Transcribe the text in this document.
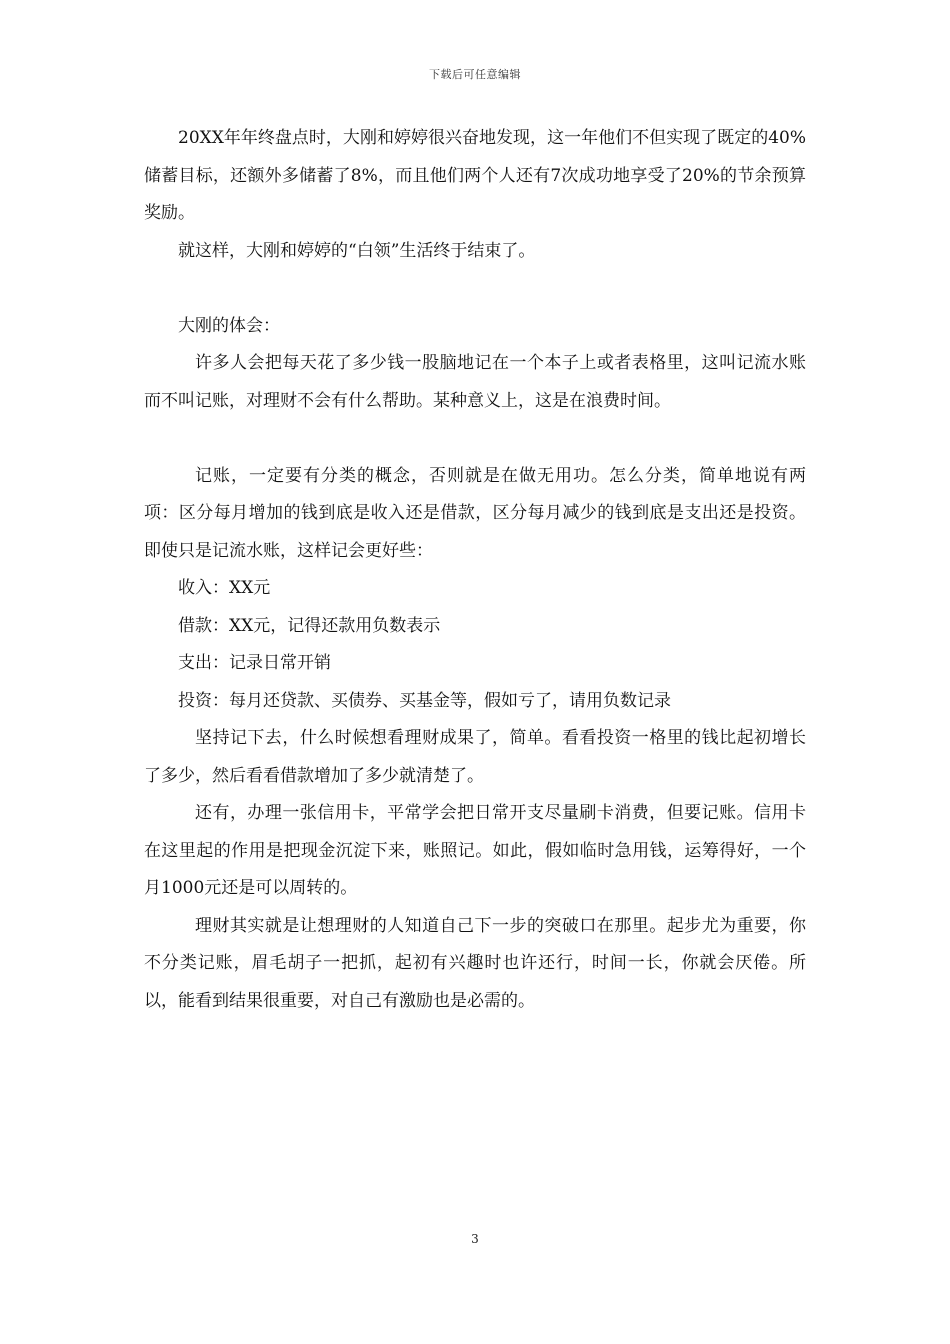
下载后可任意编辑

20XX年年终盘点时，大刚和婷婷很兴奋地发现，这一年他们不但实现了既定的40%储蓄目标，还额外多储蓄了8%，而且他们两个人还有7次成功地享受了20%的节余预算奖励。

就这样，大刚和婷婷的“白领”生活终于结束了。

大刚的体会：

许多人会把每天花了多少钱一股脑地记在一个本子上或者表格里，这叫记流水账而不叫记账，对理财不会有什么帮助。某种意义上，这是在浪费时间。

记账，一定要有分类的概念，否则就是在做无用功。怎么分类，简单地说有两项：区分每月增加的钱到底是收入还是借款，区分每月减少的钱到底是支出还是投资。即使只是记流水账，这样记会更好些：

收入：XX元

借款：XX元，记得还款用负数表示

支出：记录日常开销

投资：每月还贷款、买债券、买基金等，假如亏了，请用负数记录

坚持记下去，什么时候想看理财成果了，简单。看看投资一格里的钱比起初增长了多少，然后看看借款增加了多少就清楚了。

还有，办理一张信用卡，平常学会把日常开支尽量刷卡消费，但要记账。信用卡在这里起的作用是把现金沉淀下来，账照记。如此，假如临时急用钱，运筹得好，一个月1000元还是可以周转的。

理财其实就是让想理财的人知道自己下一步的突破口在那里。起步尤为重要，你不分类记账，眉毛胡子一把抓，起初有兴趣时也许还行，时间一长，你就会厌倦。所以，能看到结果很重要，对自己有激励也是必需的。

3
